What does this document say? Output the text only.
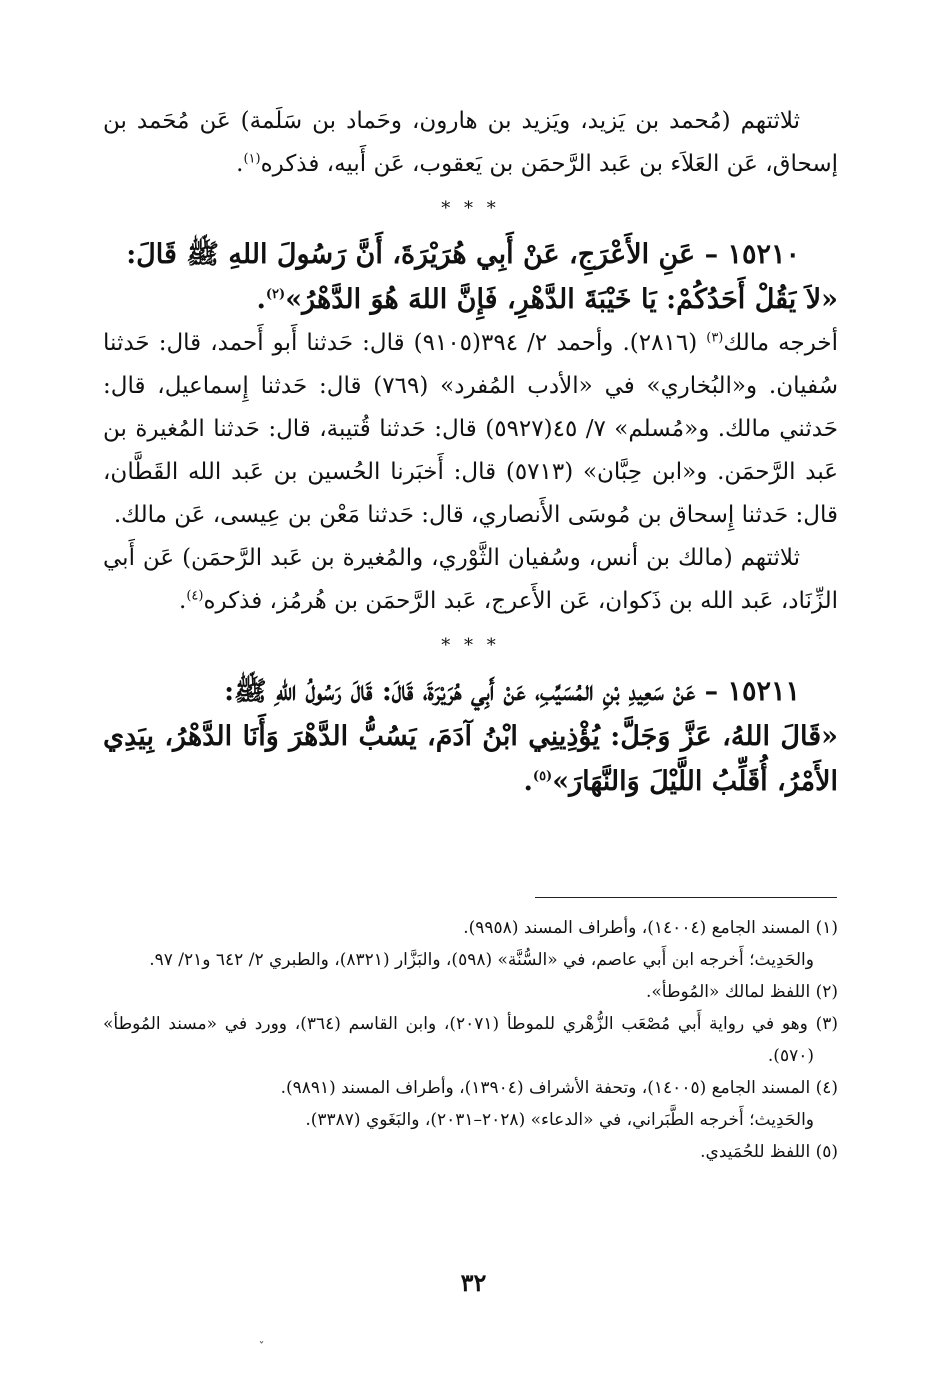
ثلاثتهم (مُحمد بن يَزيد، ويَزيد بن هارون، وحَماد بن سَلَمة) عَن مُحَمد بن إسحاق، عَن العَلاَء بن عَبد الرَّحمَن بن يَعقوب، عَن أَبيه، فذكره$^{(١)}$.

* * *

١٥٢١٠ – عَنِ الأَعْرَجِ، عَنْ أَبِي هُرَيْرَةَ، أَنَّ رَسُولَ اللهِ ﷺ قَالَ:
«لاَ يَقُلْ أَحَدُكُمْ: يَا خَيْبَةَ الدَّهْرِ، فَإِنَّ اللهَ هُوَ الدَّهْرُ»$^{(٢)}$.

أخرجه مالك$^{(٣)}$ (٢٨١٦). وأحمد ٢/ ٣٩٤(٩١٠٥) قال: حَدثنا أَبو أَحمد، قال: حَدثنا سُفيان. و«البُخاري» في «الأدب المُفرد» (٧٦٩) قال: حَدثنا إِسماعيل، قال: حَدثني مالك. و«مُسلم» ٧/ ٤٥(٥٩٢٧) قال: حَدثنا قُتيبة، قال: حَدثنا المُغيرة بن عَبد الرَّحمَن. و«ابن حِبَّان» (٥٧١٣) قال: أَخبَرنا الحُسين بن عَبد الله القَطَّان، قال: حَدثنا إِسحاق بن مُوسَى الأَنصاري، قال: حَدثنا مَعْن بن عِيسى، عَن مالك.

ثلاثتهم (مالك بن أنس، وسُفيان الثَّوْري، والمُغيرة بن عَبد الرَّحمَن) عَن أَبي الزِّنَاد، عَبد الله بن ذَكوان، عَن الأَعرج، عَبد الرَّحمَن بن هُرمُز، فذكره$^{(٤)}$.

* * *

١٥٢١١ – عَنْ سَعِيدِ بْنِ المُسَيِّبِ، عَنْ أَبِي هُرَيْرَةَ، قَالَ: قَالَ رَسُولُ اللهِ ﷺ:
«قَالَ اللهُ، عَزَّ وَجَلَّ: يُؤْذِينِي ابْنُ آدَمَ، يَسُبُّ الدَّهْرَ وَأَنَا الدَّهْرُ، بِيَدِي الأَمْرُ، أُقَلِّبُ اللَّيْلَ وَالنَّهَارَ»$^{(٥)}$.

(١) المسند الجامع (١٤٠٠٤)، وأطراف المسند (٩٩٥٨).

والحَدِيث؛ أَخرجه ابن أَبي عاصم، في «السُّنَّة» (٥٩٨)، والبَزَّار (٨٣٢١)، والطبري ٢/ ٦٤٢ و٢١/ ٩٧.

(٢) اللفظ لمالك «المُوطأ».

(٣) وهو في رواية أَبي مُصْعَب الزُّهْري للموطأ (٢٠٧١)، وابن القاسم (٣٦٤)، وورد في «مسند المُوطأ» (٥٧٠).

(٤) المسند الجامع (١٤٠٠٥)، وتحفة الأشراف (١٣٩٠٤)، وأطراف المسند (٩٨٩١).

والحَدِيث؛ أَخرجه الطَّبَراني، في «الدعاء» (٢٠٢٨–٢٠٣١)، والبَغَوي (٣٣٨٧).

(٥) اللفظ للحُمَيدي.

٣٢
